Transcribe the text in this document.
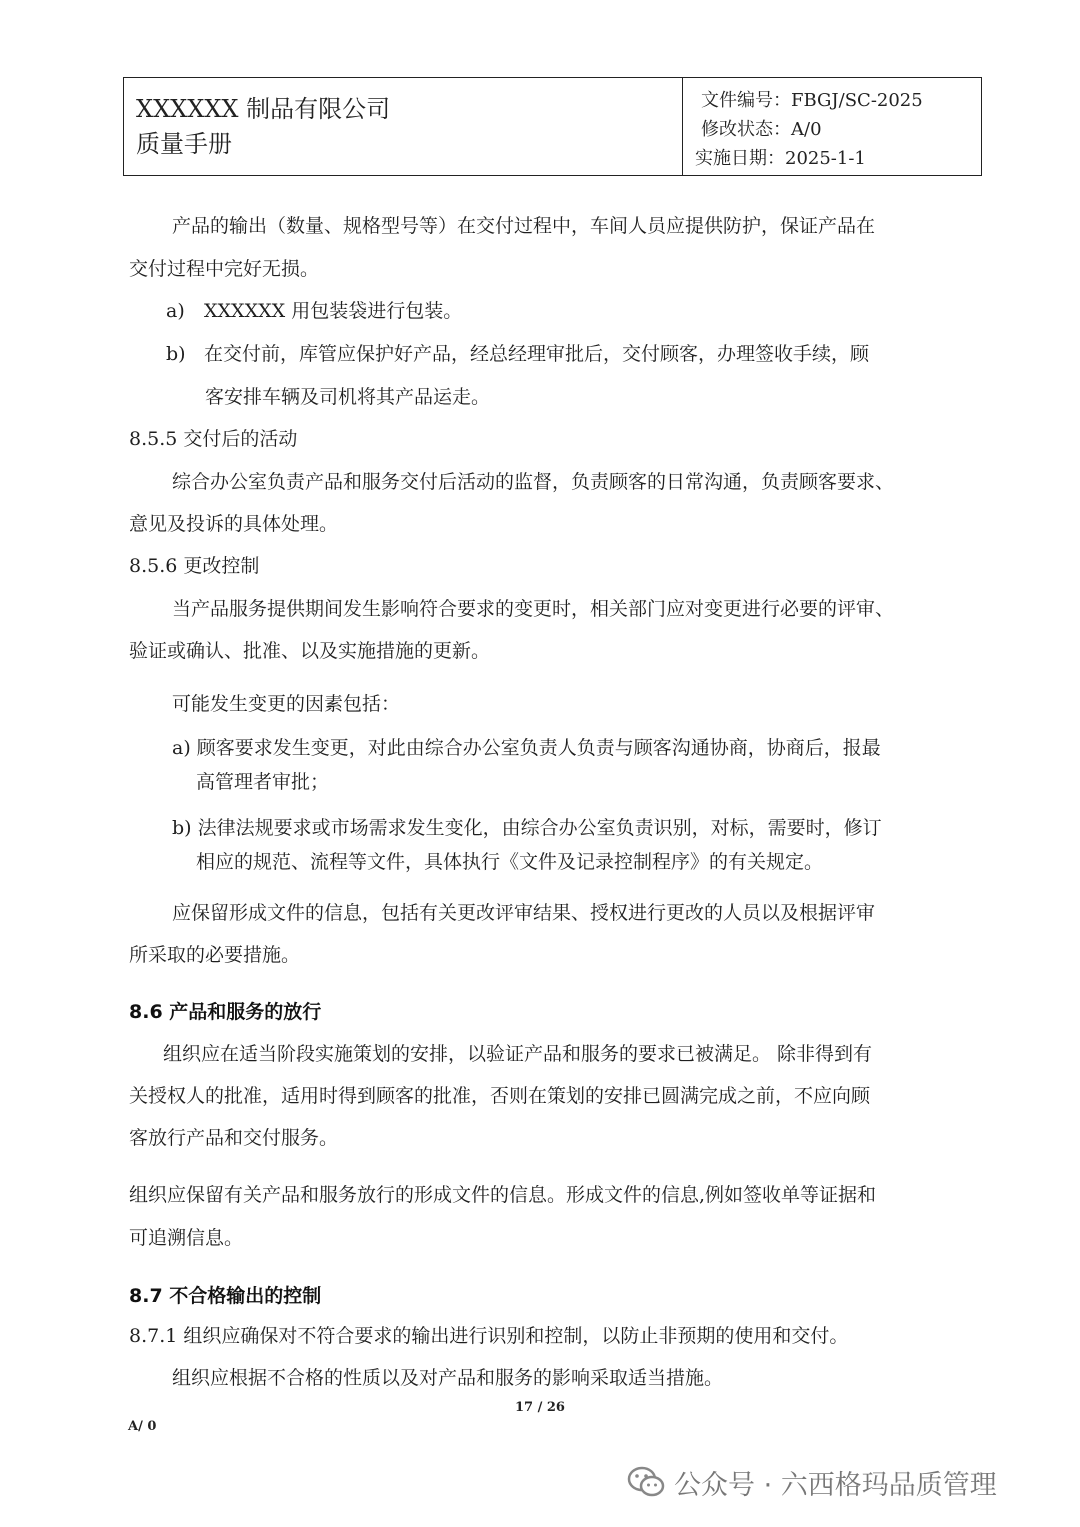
XXXXXX 制品有限公司
质量手册
文件编号：FBGJ/SC-2025
修改状态：A/0
实施日期：2025-1-1
产品的输出（数量、规格型号等）在交付过程中，车间人员应提供防护，保证产品在
交付过程中完好无损。
a) XXXXXX 用包装袋进行包装。
b) 在交付前，库管应保护好产品，经总经理审批后，交付顾客，办理签收手续，顾
客安排车辆及司机将其产品运走。
8.5.5 交付后的活动
综合办公室负责产品和服务交付后活动的监督，负责顾客的日常沟通，负责顾客要求、
意见及投诉的具体处理。
8.5.6 更改控制
当产品服务提供期间发生影响符合要求的变更时，相关部门应对变更进行必要的评审、
验证或确认、批准、以及实施措施的更新。
可能发生变更的因素包括：
a) 顾客要求发生变更，对此由综合办公室负责人负责与顾客沟通协商，协商后，报最
高管理者审批；
b) 法律法规要求或市场需求发生变化，由综合办公室负责识别，对标，需要时，修订
相应的规范、流程等文件，具体执行《文件及记录控制程序》的有关规定。
应保留形成文件的信息，包括有关更改评审结果、授权进行更改的人员以及根据评审
所采取的必要措施。
8.6 产品和服务的放行
组织应在适当阶段实施策划的安排，以验证产品和服务的要求已被满足。 除非得到有
关授权人的批准，适用时得到顾客的批准，否则在策划的安排已圆满完成之前，不应向顾
客放行产品和交付服务。
组织应保留有关产品和服务放行的形成文件的信息。形成文件的信息,例如签收单等证据和
可追溯信息。
8.7 不合格输出的控制
8.7.1 组织应确保对不符合要求的输出进行识别和控制，以防止非预期的使用和交付。
组织应根据不合格的性质以及对产品和服务的影响采取适当措施。
17 / 26
A/ 0
公众号 · 六西格玛品质管理
